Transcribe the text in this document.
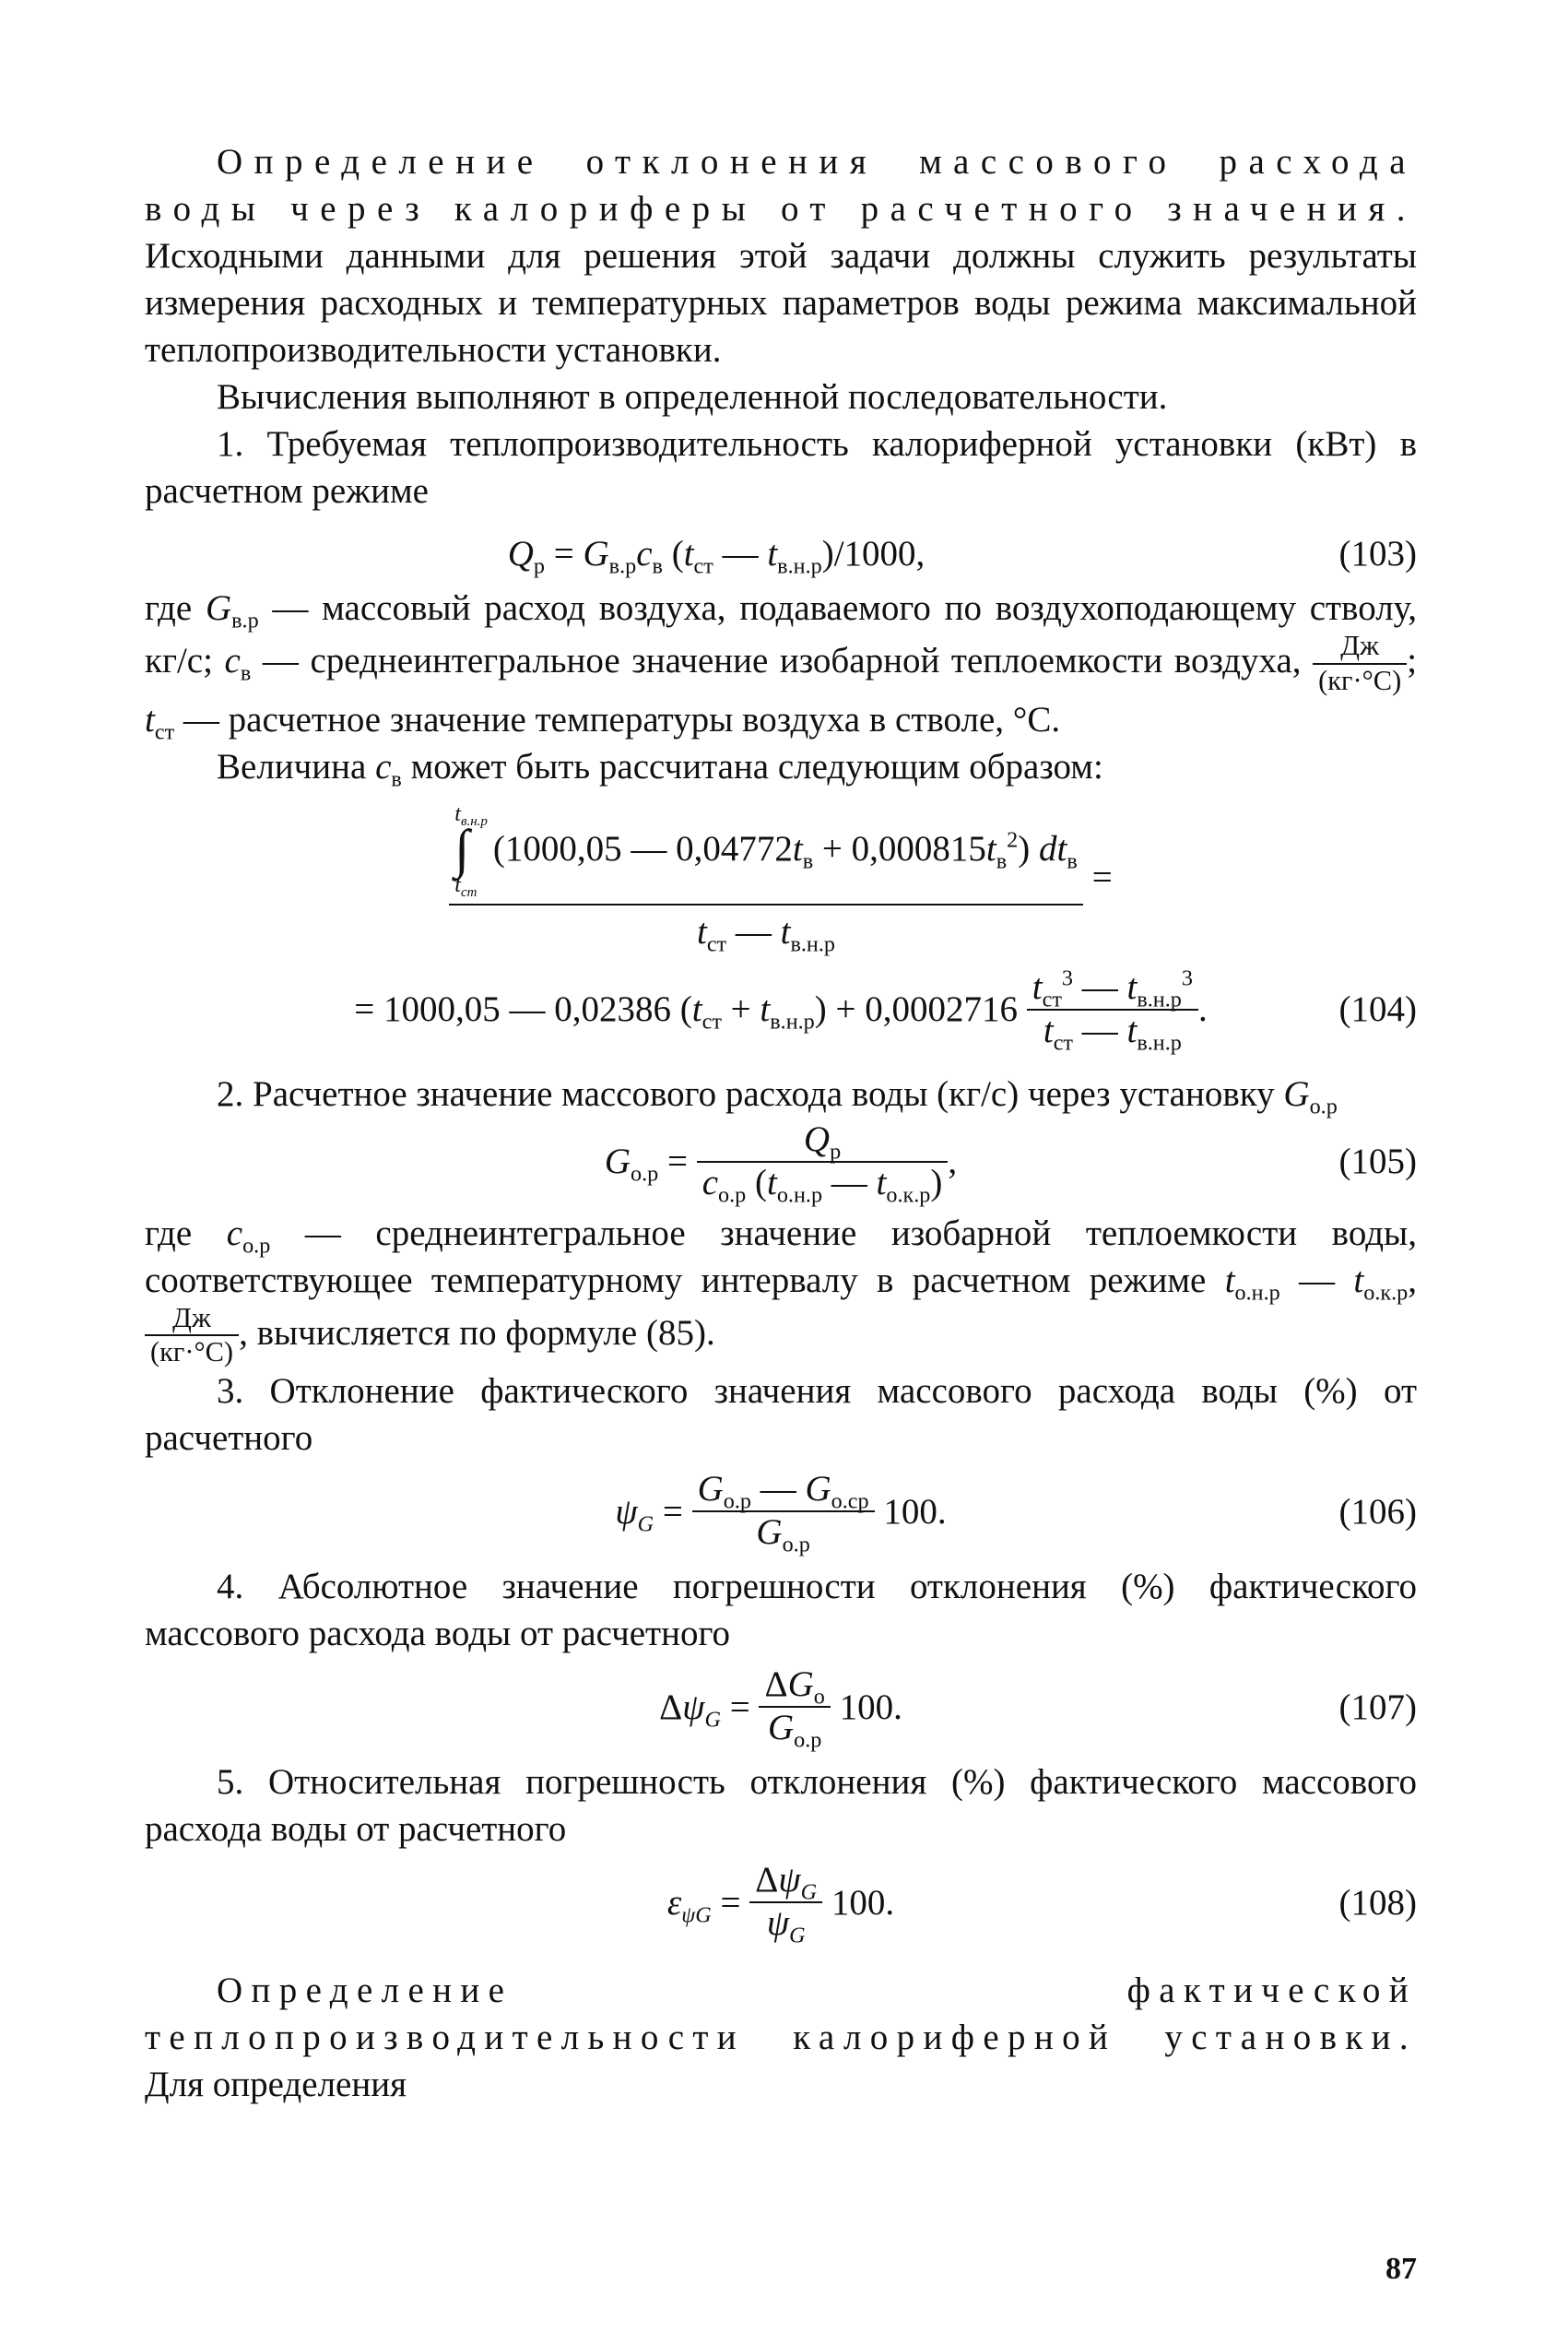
Определение отклонения массового расхода воды через калориферы от расчетного значения. Исходными данными для решения этой задачи должны служить результаты измерения расходных и температурных параметров воды режима максимальной теплопроизводительности установки.

Вычисления выполняют в определенной последовательности.

1. Требуемая теплопроизводительность калориферной установки (кВт) в расчетном режиме

$Q_р = G_{в.р}c_в$ ($t_{ст}$ — $t_{в.н.р})/1000$,	(103)

где $G_{в.р}$ — массовый расход воздуха, подаваемого по воздухоподающему стволу, кг/с; $c_в$ — среднеинтегральное значение изобарной теплоемкости воздуха,	Дж
(кг·°C)
; $t_{ст}$ — расчетное значение температуры воздуха в стволе, °C.

Величина $c_в$ может быть рассчитана следующим образом:

$t_{в.н.р}$
∫
$t_{ст}$
(1000,05 — $0,04772t_в + 0,000815t_в^2$) $dt_в$
$t_{ст}$ — $t_{в.н.р}$
=
= 1000,05 — 0,02386 $(t_{ст} + t_{в.н.р}) + 0,0002716$
$t_{ст}^3$ — $t_{в.н.р}^3$
$t_{ст}$ — $t_{в.н.р}$
.	(104)

2. Расчетное значение массового расхода воды (кг/с) через установку $G_{о.р}$

$G_{о.р}$ =
$Q_р$
$c_{о.р}$ ($t_{о.н.р}$ — $t_{о.к.р}$)
,	(105)

где $c_{о.р}$ — среднеинтегральное значение изобарной теплоемкости воды, соответствующее температурному интервалу в расчетном режиме $t_{о.н.р}$ — $t_{о.к.р}$,
Дж
(кг·°C)
, вычисляется по формуле (85).

3. Отклонение фактического значения массового расхода воды (%) от расчетного

$\psi_G$ =
$G_{о.р}$ — $G_{о.ср}$
$G_{о.р}$
100.	(106)

4. Абсолютное значение погрешности отклонения (%) фактического массового расхода воды от расчетного

$\Delta\psi_G$ =
$\Delta G_о$
$G_{о.р}$
100.	(107)

5. Относительная погрешность отклонения (%) фактического массового расхода воды от расчетного

$\varepsilon_{\psi G}$ =
$\Delta\psi_G$
$\psi_G$
100.	(108)

Определение фактической теплопроизводительности калориферной установки. Для определения

87
